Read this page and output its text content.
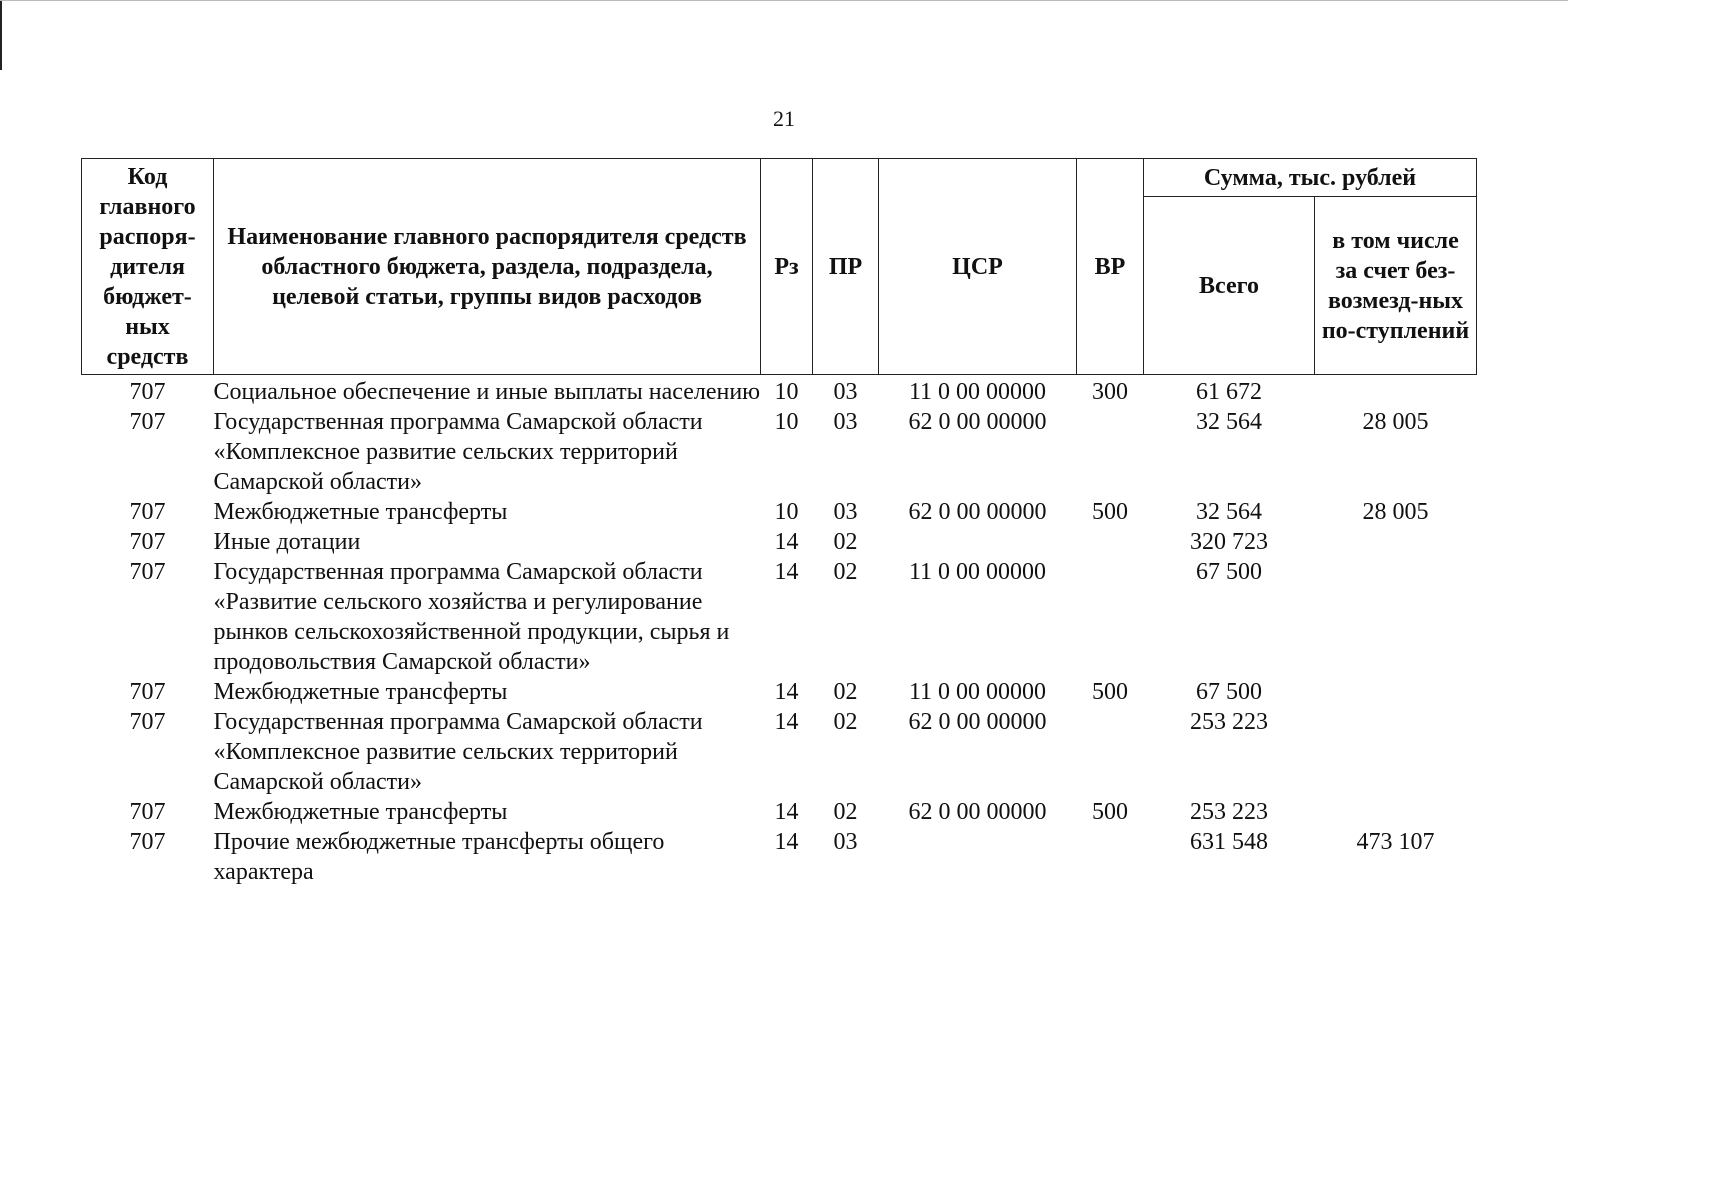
21
Код главного распоря-дителя бюджет-ных средств	Наименование главного распорядителя средств областного бюджета, раздела, подраздела, целевой статьи, группы видов расходов	Рз	ПР	ЦСР	ВР	Сумма, тыс. рублей	
						Всего	в том числе за счет без-возмезд-ных по-ступлений
707	Социальное обеспечение и иные выплаты населению	10	03	11 0 00 00000	300	61 672	
707	Государственная программа Самарской области «Комплексное развитие сельских территорий Самарской области»	10	03	62 0 00 00000		32 564	28 005
707	Межбюджетные трансферты	10	03	62 0 00 00000	500	32 564	28 005
707	Иные дотации	14	02			320 723	
707	Государственная программа Самарской области «Развитие сельского хозяйства и регулирование рынков сельскохозяйственной продукции, сырья и продовольствия Самарской области»	14	02	11 0 00 00000		67 500	
707	Межбюджетные трансферты	14	02	11 0 00 00000	500	67 500	
707	Государственная программа Самарской области «Комплексное развитие сельских территорий Самарской области»	14	02	62 0 00 00000		253 223	
707	Межбюджетные трансферты	14	02	62 0 00 00000	500	253 223	
707	Прочие межбюджетные трансферты общего характера	14	03			631 548	473 107
